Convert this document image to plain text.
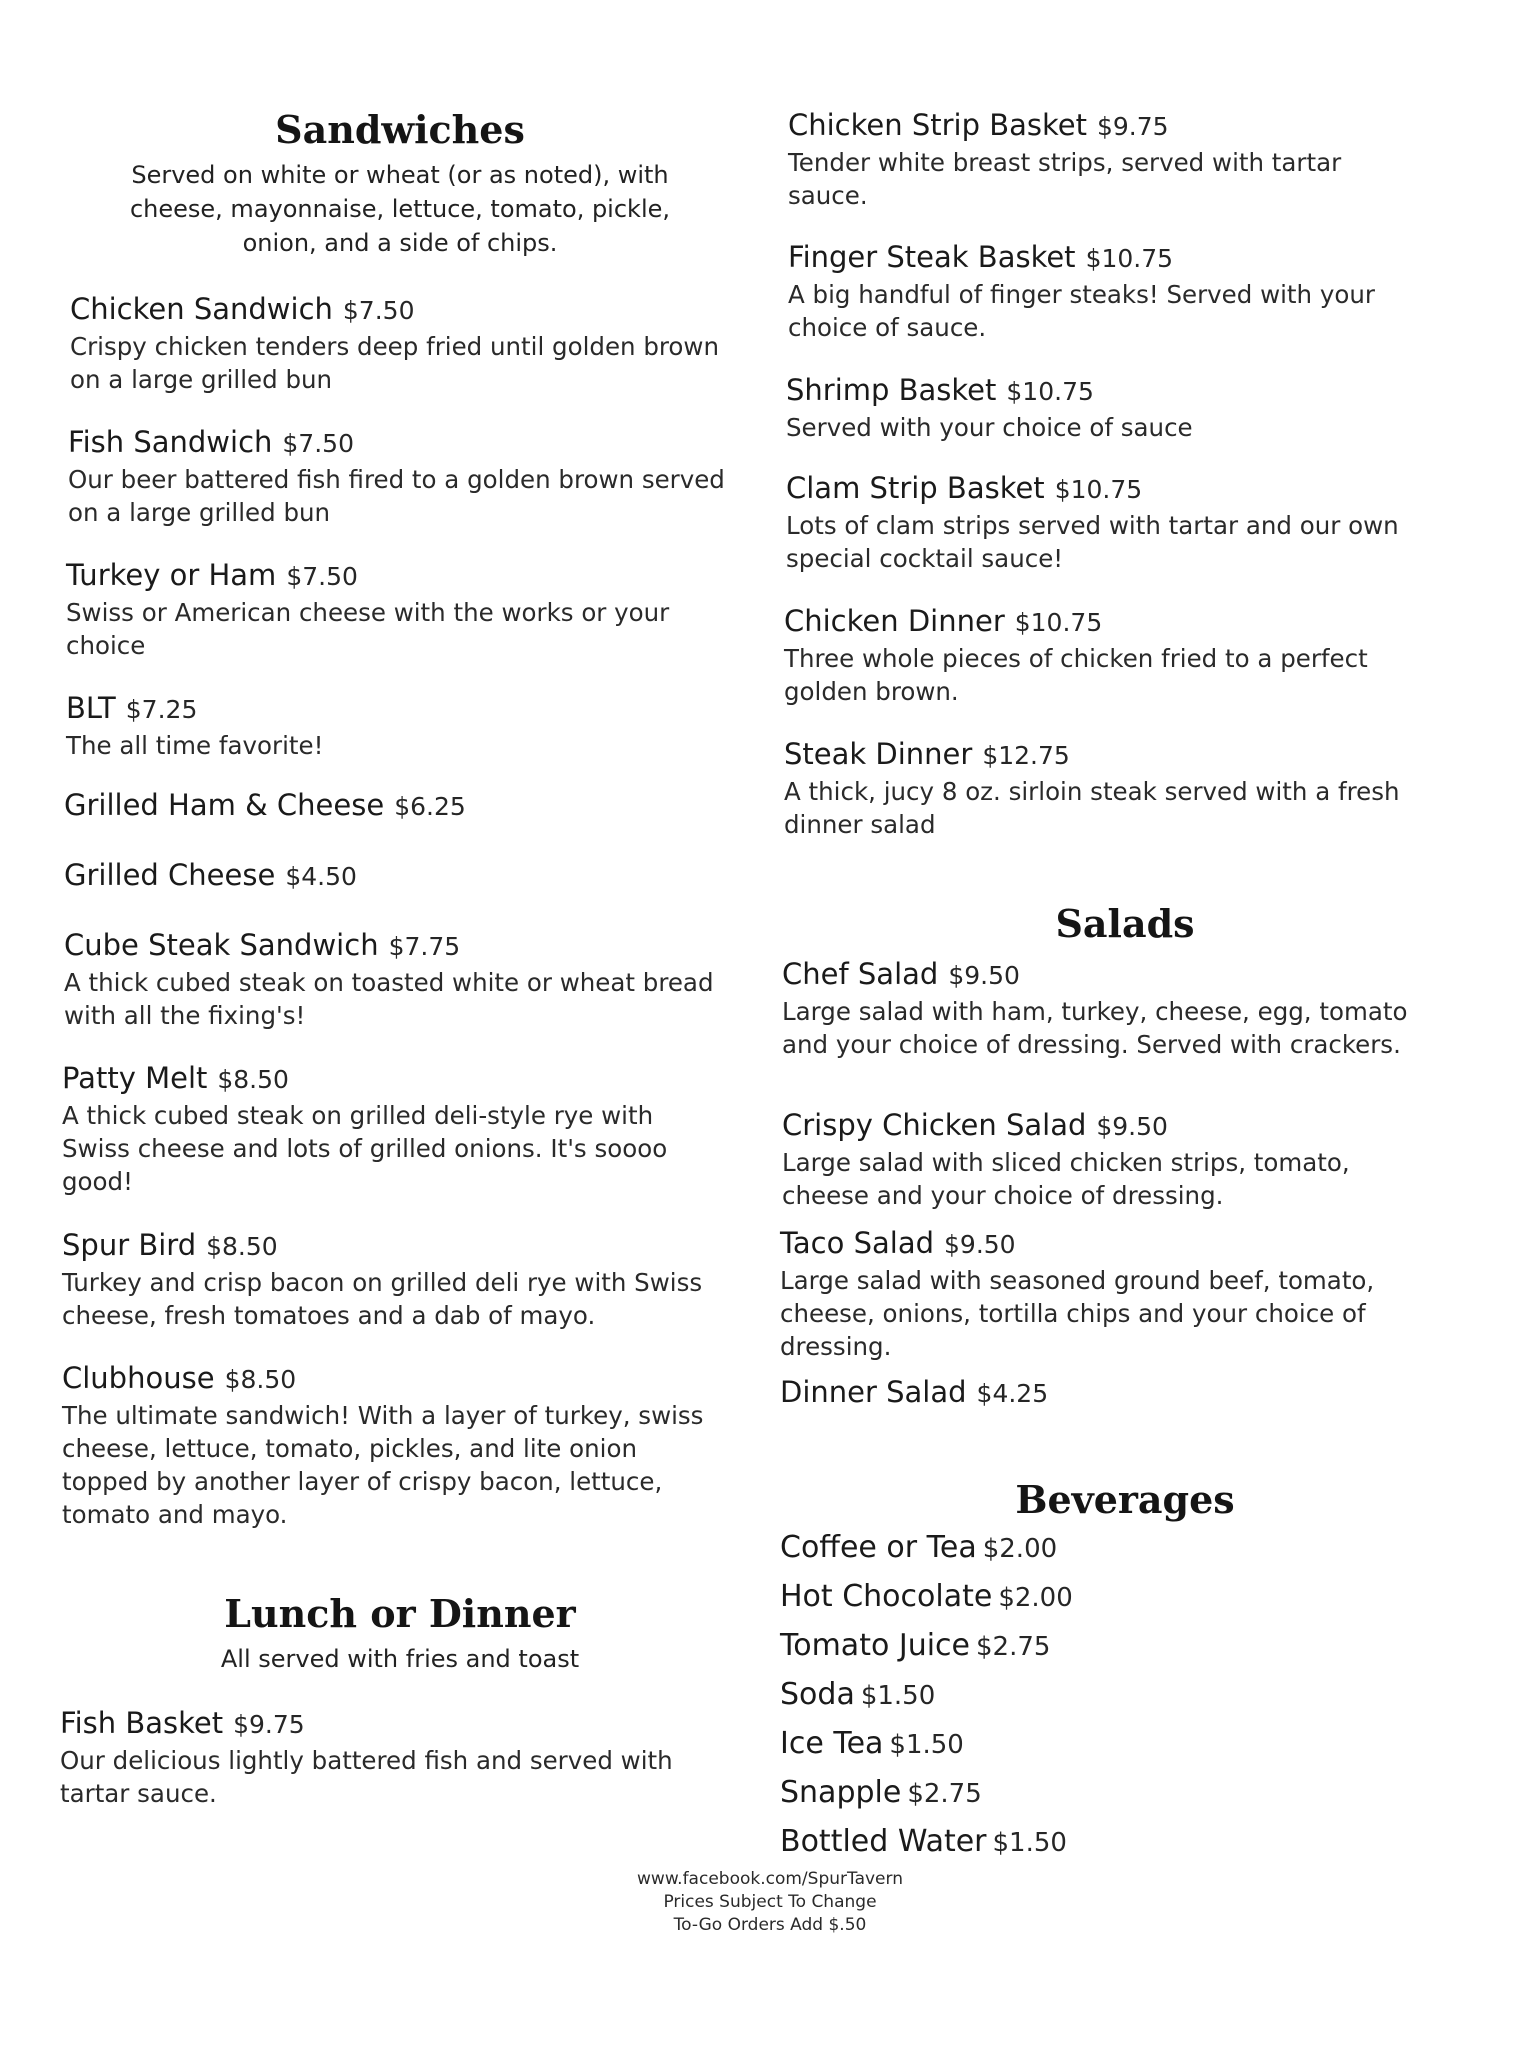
Sandwiches

Served on white or wheat (or as noted), with cheese, mayonnaise, lettuce, tomato, pickle, onion, and a side of chips.

Chicken Sandwich $7.50

Crispy chicken tenders deep fried until golden brown on a large grilled bun

Fish Sandwich $7.50

Our beer battered fish fired to a golden brown served on a large grilled bun

Turkey or Ham $7.50

Swiss or American cheese with the works or your choice

BLT $7.25

The all time favorite!

Grilled Ham & Cheese $6.25
Grilled Cheese $4.50
Cube Steak Sandwich $7.75

A thick cubed steak on toasted white or wheat bread with all the fixing's!

Patty Melt $8.50

A thick cubed steak on grilled deli-style rye with Swiss cheese and lots of grilled onions. It's soooo good!

Spur Bird $8.50

Turkey and crisp bacon on grilled deli rye with Swiss cheese, fresh tomatoes and a dab of mayo.

Clubhouse $8.50

The ultimate sandwich! With a layer of turkey, swiss cheese, lettuce, tomato, pickles, and lite onion topped by another layer of crispy bacon, lettuce, tomato and mayo.

Lunch or Dinner

All served with fries and toast

Fish Basket $9.75

Our delicious lightly battered fish and served with tartar sauce.

Chicken Strip Basket $9.75

Tender white breast strips, served with tartar sauce.

Finger Steak Basket $10.75

A big handful of finger steaks! Served with your choice of sauce.

Shrimp Basket $10.75

Served with your choice of sauce

Clam Strip Basket $10.75

Lots of clam strips served with tartar and our own special cocktail sauce!

Chicken Dinner $10.75

Three whole pieces of chicken fried to a perfect golden brown.

Steak Dinner $12.75

A thick, jucy 8 oz. sirloin steak served with a fresh dinner salad

Salads
Chef Salad $9.50

Large salad with ham, turkey, cheese, egg, tomato and your choice of dressing. Served with crackers.

Crispy Chicken Salad $9.50

Large salad with sliced chicken strips, tomato, cheese and your choice of dressing.

Taco Salad $9.50

Large salad with seasoned ground beef, tomato, cheese, onions, tortilla chips and your choice of dressing.

Dinner Salad $4.25
Beverages
Coffee or Tea $2.00
Hot Chocolate $2.00
Tomato Juice $2.75
Soda $1.50
Ice Tea $1.50
Snapple $2.75
Bottled Water $1.50
www.facebook.com/SpurTavern
Prices Subject To Change
To-Go Orders Add $.50
